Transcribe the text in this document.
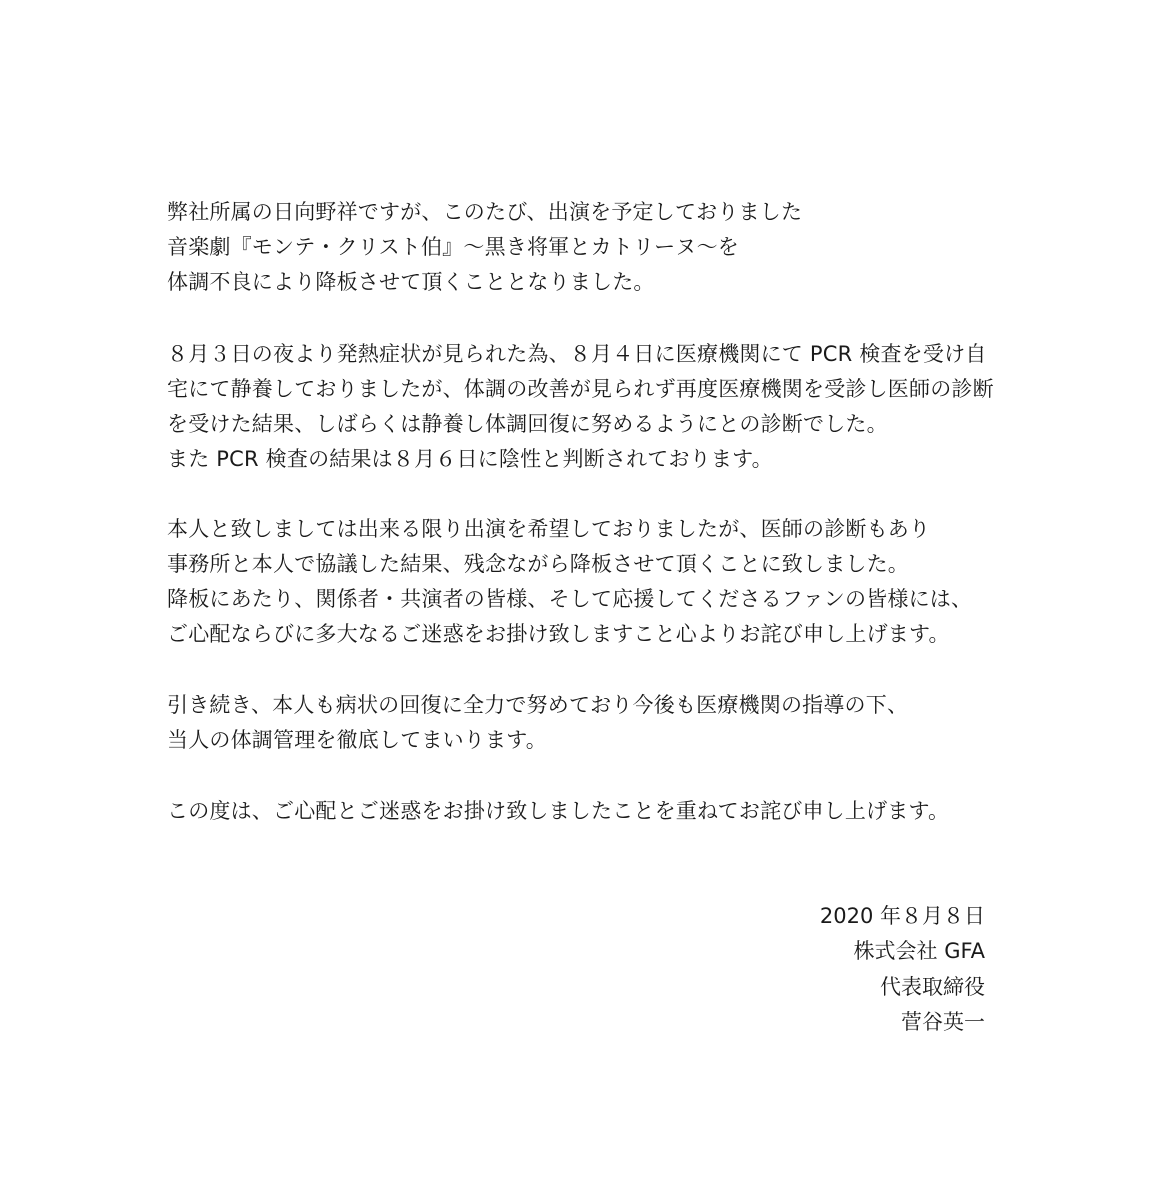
弊社所属の日向野祥ですが、このたび、出演を予定しておりました
音楽劇『モンテ・クリスト伯』〜黒き将軍とカトリーヌ〜を
体調不良により降板させて頂くこととなりました。
８月３日の夜より発熱症状が見られた為、８月４日に医療機関にて PCR 検査を受け自
宅にて静養しておりましたが、体調の改善が見られず再度医療機関を受診し医師の診断
を受けた結果、しばらくは静養し体調回復に努めるようにとの診断でした。
また PCR 検査の結果は８月６日に陰性と判断されております。
本人と致しましては出来る限り出演を希望しておりましたが、医師の診断もあり
事務所と本人で協議した結果、残念ながら降板させて頂くことに致しました。
降板にあたり、関係者・共演者の皆様、そして応援してくださるファンの皆様には、
ご心配ならびに多大なるご迷惑をお掛け致しますこと心よりお詫び申し上げます。
引き続き、本人も病状の回復に全力で努めており今後も医療機関の指導の下、
当人の体調管理を徹底してまいります。
この度は、ご心配とご迷惑をお掛け致しましたことを重ねてお詫び申し上げます。
2020 年８月８日
株式会社 GFA
代表取締役
菅谷英一
